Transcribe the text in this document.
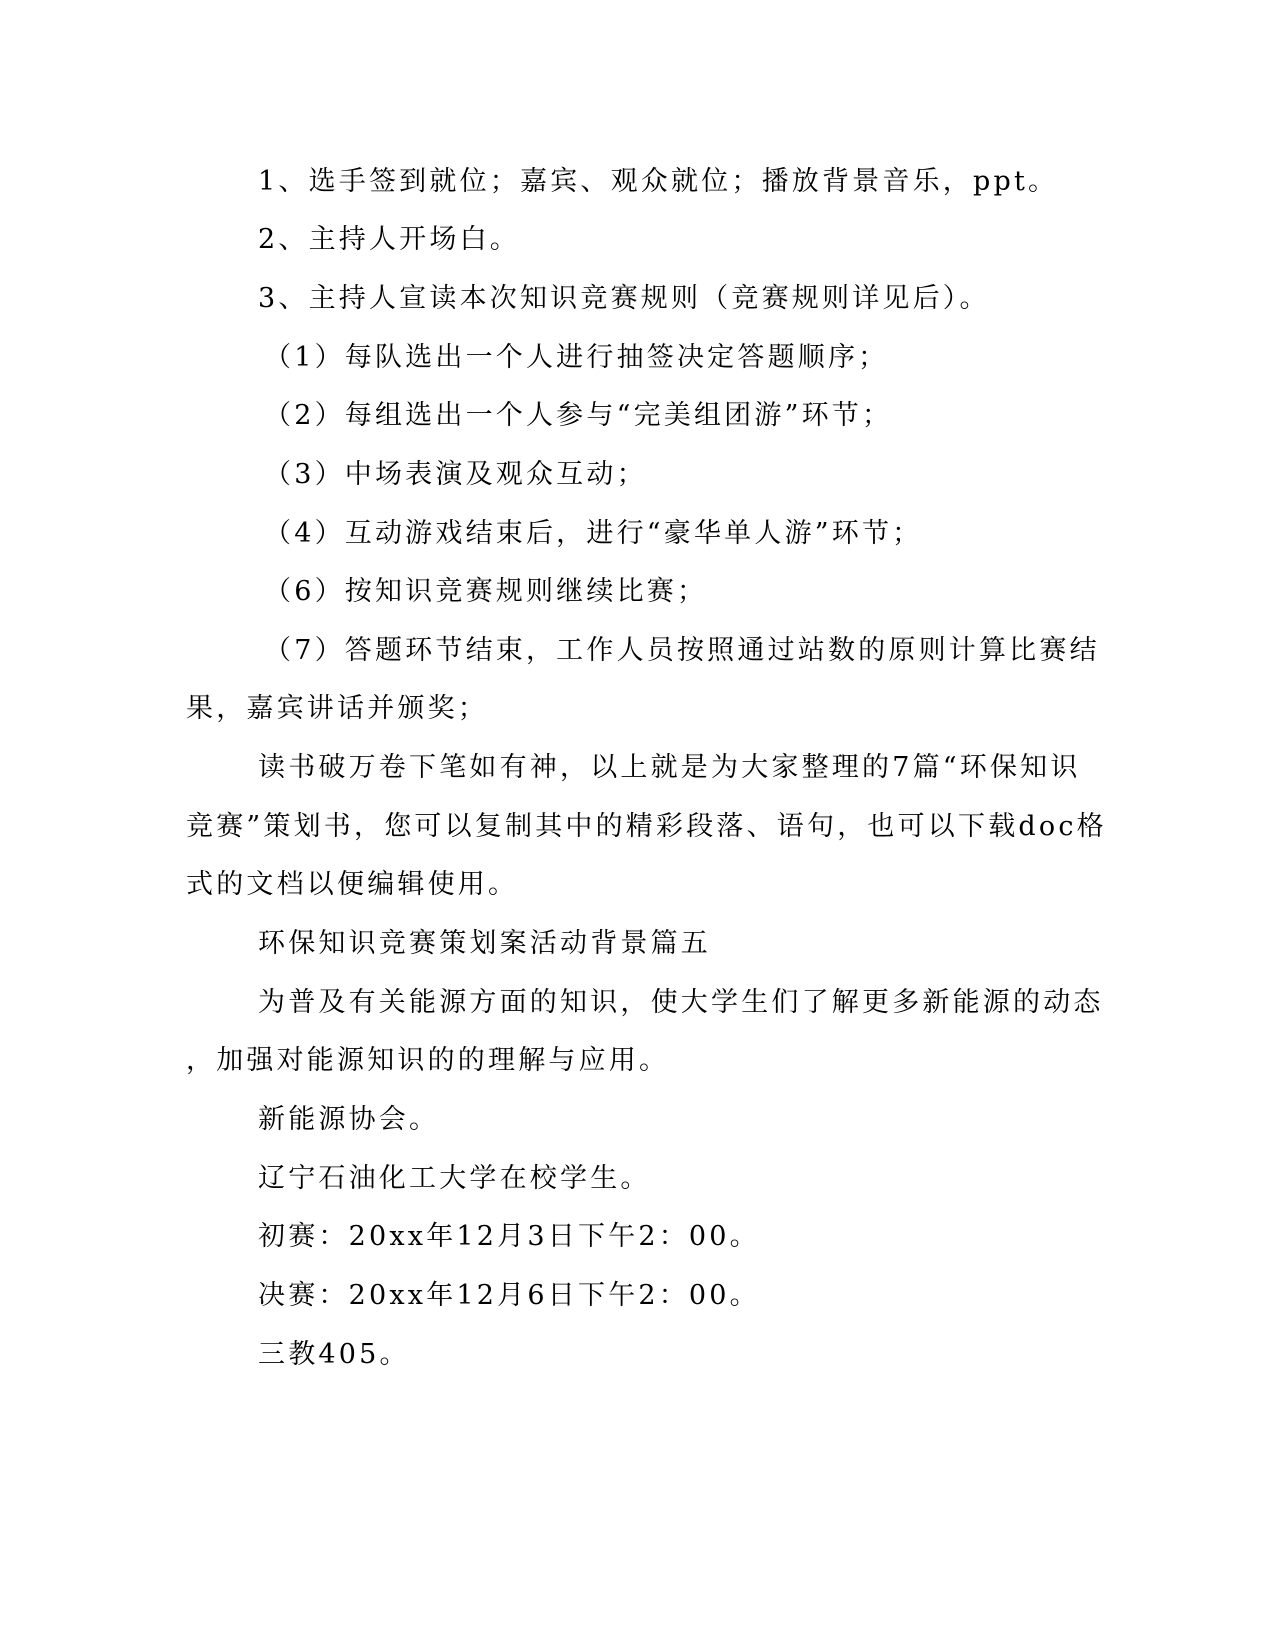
1、选手签到就位；嘉宾、观众就位；播放背景音乐，ppt。
2、主持人开场白。
3、主持人宣读本次知识竞赛规则（竞赛规则详见后）。
（1）每队选出一个人进行抽签决定答题顺序；
（2）每组选出一个人参与“完美组团游”环节；
（3）中场表演及观众互动；
（4）互动游戏结束后，进行“豪华单人游”环节；
（6）按知识竞赛规则继续比赛；
（7）答题环节结束，工作人员按照通过站数的原则计算比赛结
果，嘉宾讲话并颁奖；
读书破万卷下笔如有神，以上就是为大家整理的7篇“环保知识
竞赛”策划书，您可以复制其中的精彩段落、语句，也可以下载doc格
式的文档以便编辑使用。
环保知识竞赛策划案活动背景篇五
为普及有关能源方面的知识，使大学生们了解更多新能源的动态
，加强对能源知识的的理解与应用。
新能源协会。
辽宁石油化工大学在校学生。
初赛：20xx年12月3日下午2：00。
决赛：20xx年12月6日下午2：00。
三教405。
